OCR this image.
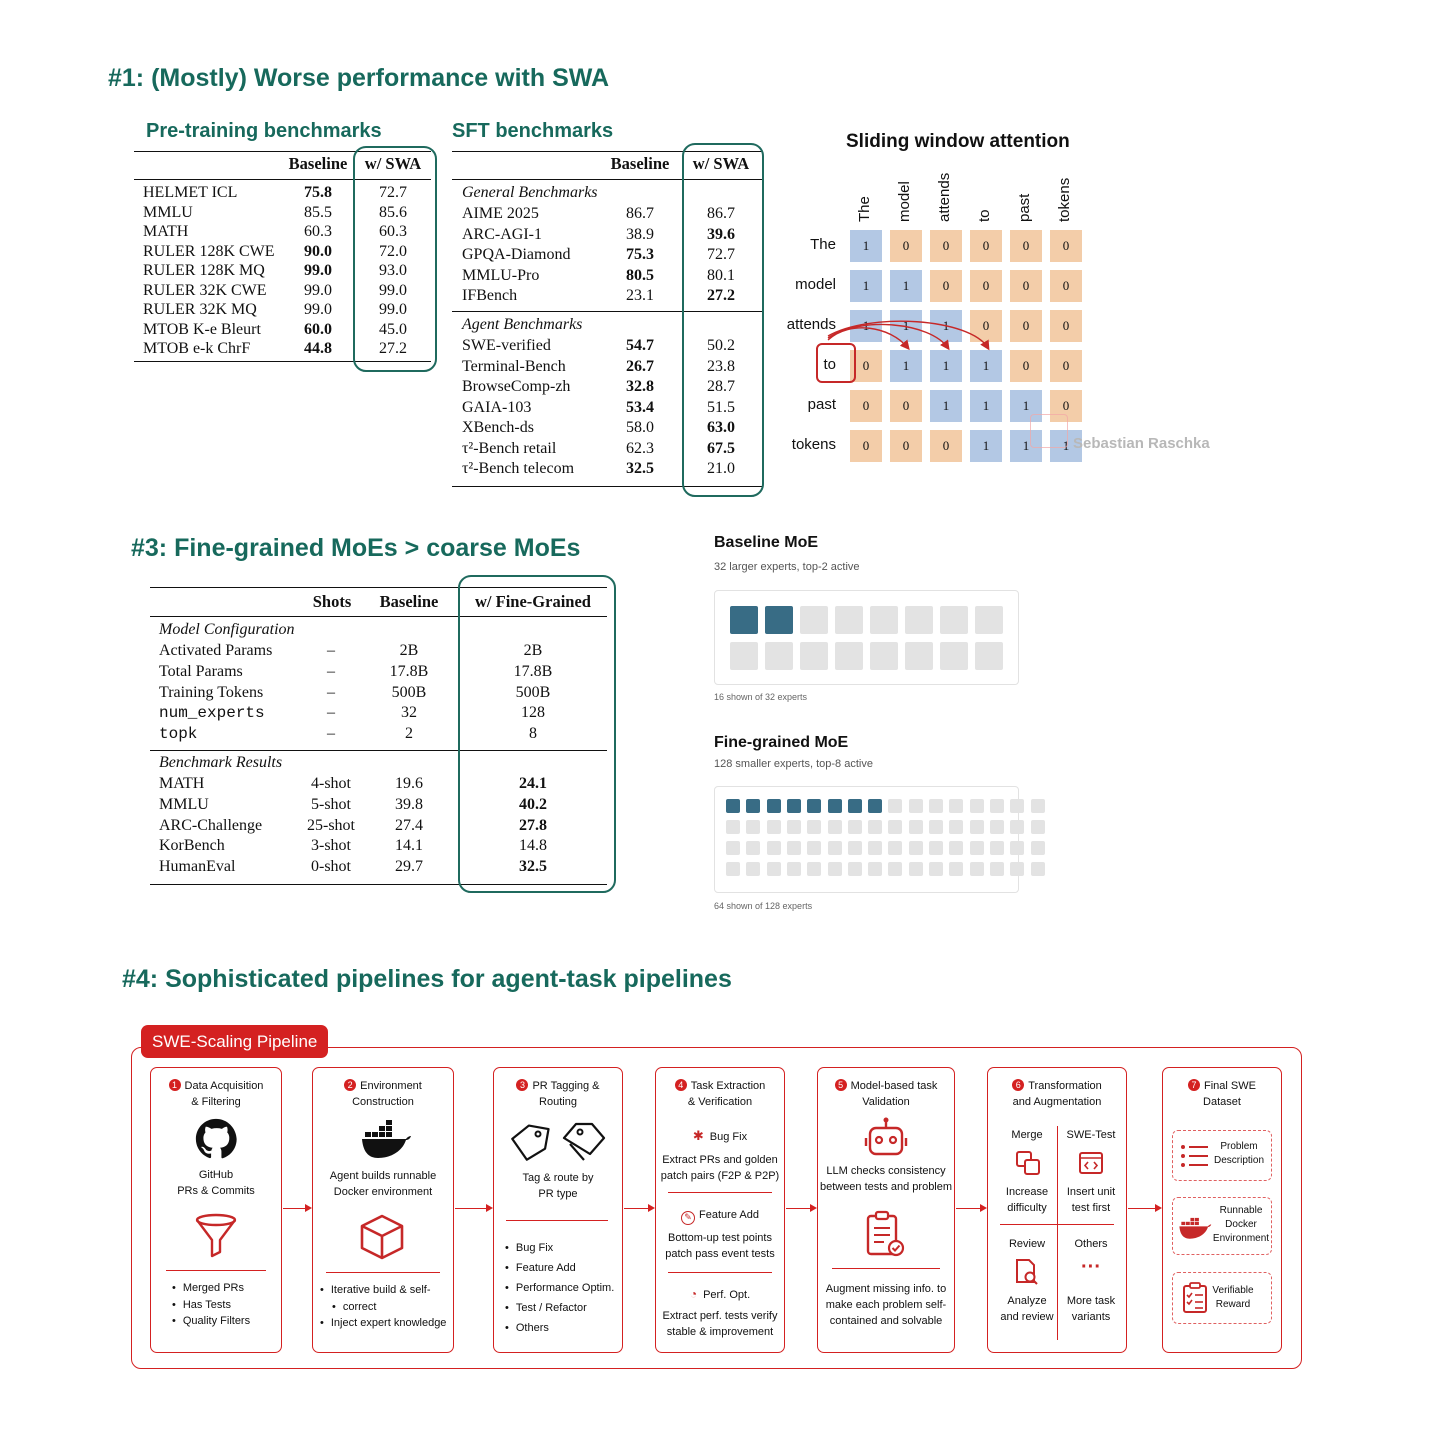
#1: (Mostly) Worse performance with SWA
Pre-training benchmarks
Baseline	w/ SWA
HELMET ICL	75.8	72.7
MMLU	85.5	85.6
MATH	60.3	60.3
RULER 128K CWE	90.0	72.0
RULER 128K MQ	99.0	93.0
RULER 32K CWE	99.0	99.0
RULER 32K MQ	99.0	99.0
MTOB K-e Bleurt	60.0	45.0
MTOB e-k ChrF	44.8	27.2
SFT benchmarks
Baseline	w/ SWA
General Benchmarks
Agent Benchmarks
AIME 2025	86.7	86.7
ARC-AGI-1	38.9	39.6
GPQA-Diamond	75.3	72.7
MMLU-Pro	80.5	80.1
IFBench	23.1	27.2
SWE-verified	54.7	50.2
Terminal-Bench	26.7	23.8
BrowseComp-zh	32.8	28.7
GAIA-103	53.4	51.5
XBench-ds	58.0	63.0
τ²-Bench retail	62.3	67.5
τ²-Bench telecom	32.5	21.0
Sliding window attention
The model attends to past tokens
The	1	0	0	0	0	0
model	1	1	0	0	0	0
attends	1	1	1	0	0	0
to	0	1	1	1	0	0
past	0	0	1	1	1	0
tokens	0	0	0	1	1	1 Sebastian Raschka
#3: Fine-grained MoEs > coarse MoEs
Shots	Baseline	w/ Fine-Grained
Model Configuration
Benchmark Results
Activated Params	–	2B	2B
Total Params	–	17.8B	17.8B
Training Tokens	–	500B	500B
num_experts	–	32	128
topk	–	2	8
MATH	4-shot	19.6	24.1
MMLU	5-shot	39.8	40.2
ARC-Challenge	25-shot	27.4	27.8
KorBench	3-shot	14.1	14.8
HumanEval	0-shot	29.7	32.5
Baseline MoE
32 larger experts, top-2 active
16 shown of 32 experts
Fine-grained MoE
128 smaller experts, top-8 active
64 shown of 128 experts
#4: Sophisticated pipelines for agent-task pipelines
SWE-Scaling Pipeline
1 Data Acquisition
& Filtering
GitHub
PRs & Commits
• Merged PRs
• Has Tests
• Quality Filters
2 Environment
Construction
Agent builds runnable
Docker environment
• Iterative build & self-
• correct
• Inject expert knowledge
3 PR Tagging &
Routing
Tag & route by
PR type
• Bug Fix
• Feature Add
• Performance Optim.
• Test / Refactor
• Others
4 Task Extraction
& Verification
✱ Bug Fix
Extract PRs and golden
patch pairs (F2P & P2P)
✎ Feature Add
Bottom-up test points
patch pass event tests
◔ Perf. Opt.
Extract perf. tests verify
stable & improvement
5 Model-based task
Validation
LLM checks consistency
between tests and problem
Augment missing info. to
make each problem self-
contained and solvable
6 Transformation
and Augmentation
Merge
Increase
difficulty
SWE-Test
Insert unit
test first
Review
Analyze
and review
Others
···
More task
variants
7 Final SWE
Dataset
Problem
Description
Runnable
Docker
Environment
Verifiable
Reward
